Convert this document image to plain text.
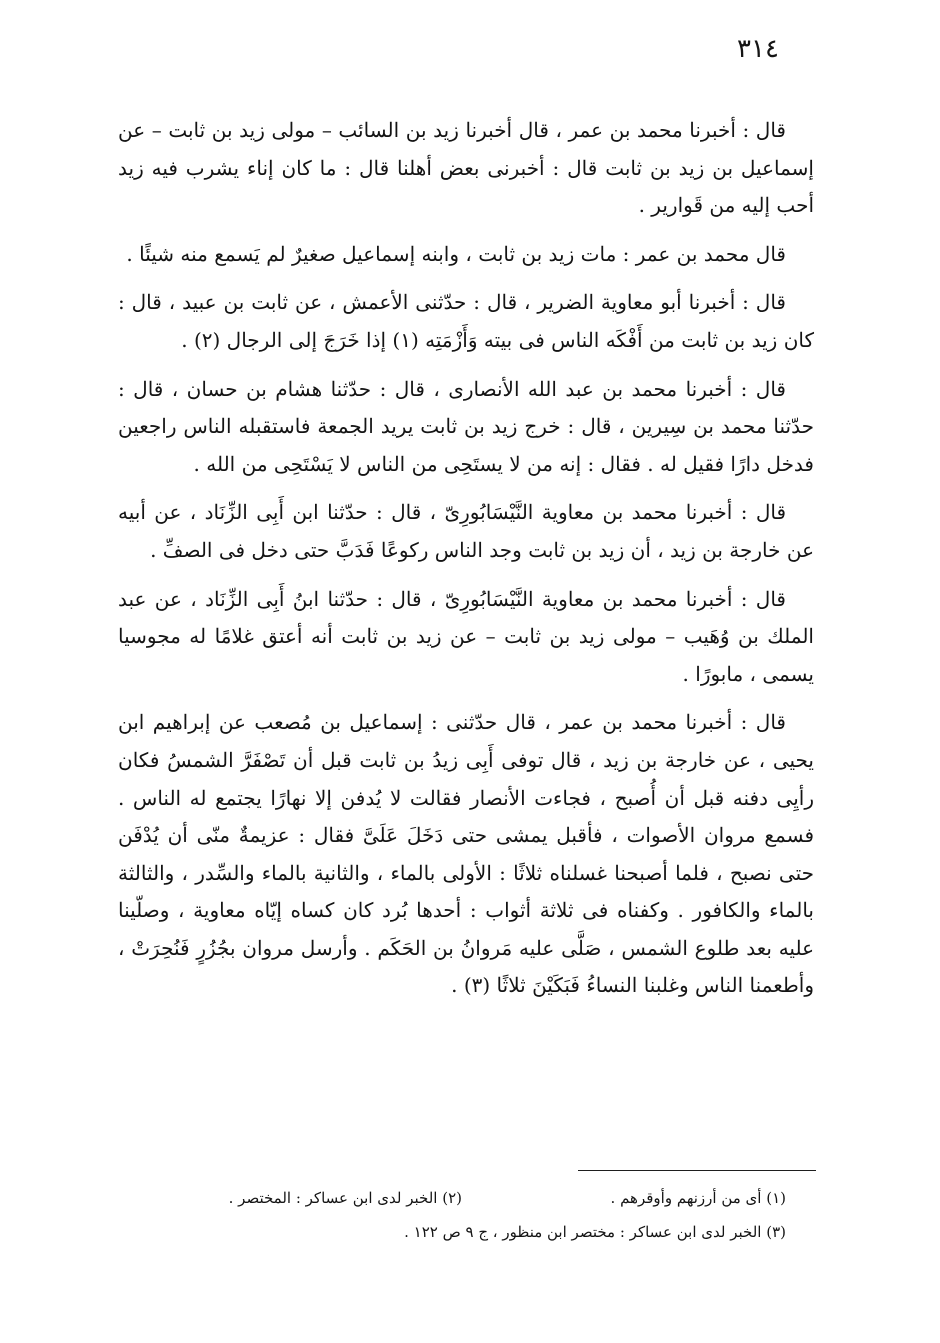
٣١٤

قال : أخبرنا محمد بن عمر ، قال أخبرنا زيد بن السائب – مولى زيد بن ثابت – عن إسماعيل بن زيد بن ثابت قال : أخبرنى بعض أهلنا قال : ما كان إناء يشرب فيه زيد أحب إليه من قَوارير .

قال محمد بن عمر : مات زيد بن ثابت ، وابنه إسماعيل صغيرٌ لم يَسمع منه شيئًا .

قال : أخبرنا أبو معاوية الضرير ، قال : حدّثنى الأعمش ، عن ثابت بن عبيد ، قال : كان زيد بن ثابت من أَفْكَه الناس فى بيته وَأَزْمَتِه (١) إذا خَرَجَ إلى الرجال (٢) .

قال : أخبرنا محمد بن عبد الله الأنصارى ، قال : حدّثنا هشام بن حسان ، قال : حدّثنا محمد بن سِيرين ، قال : خرج زيد بن ثابت يريد الجمعة فاستقبله الناس راجعين فدخل دارًا فقيل له . فقال : إنه من لا يستَحِى من الناس لا يَسْتَحِى من الله .

قال : أخبرنا محمد بن معاوية النَّيْسَابُورِىّ ، قال : حدّثنا ابن أَبِى الزِّنَاد ، عن أبيه عن خارجة بن زيد ، أن زيد بن ثابت وجد الناس ركوعًا فَدَبَّ حتى دخل فى الصفِّ .

قال : أخبرنا محمد بن معاوية النَّيْسَابُورِىّ ، قال : حدّثنا ابنُ أَبِى الزِّنَاد ، عن عبد الملك بن وُهَيب – مولى زيد بن ثابت – عن زيد بن ثابت أنه أعتق غلامًا له مجوسيا يسمى ، مابورًا .

قال : أخبرنا محمد بن عمر ، قال حدّثنى : إسماعيل بن مُصعب عن إبراهيم ابن يحيى ، عن خارجة بن زيد ، قال توفى أَبِى زيدُ بن ثابت قبل أن تَصْفَرَّ الشمسُ فكان رأيِى دفنه قبل أن أُصبح ، فجاءت الأنصار فقالت لا يُدفن إلا نهارًا يجتمع له الناس . فسمع مروان الأصوات ، فأقبل يمشى حتى دَخَلَ عَلَىَّ فقال : عزيمةٌ منّى أن يُدْفَن حتى نصبح ، فلما أصبحنا غسلناه ثلاثًا : الأولى بالماء ، والثانية بالماء والسِّدر ، والثالثة بالماء والكافور . وكفناه فى ثلاثة أثواب : أحدها بُرد كان كساه إيّاه معاوية ، وصلّينا عليه بعد طلوع الشمس ، صَلَّى عليه مَروانُ بن الحَكَم . وأرسل مروان بجُزُرٍ فَنُحِرَتْ ، وأطعمنا الناس وغلبنا النساءُ فَبَكَيْنَ ثلاثًا (٣) .

(١) أى من أرزنهم وأوقرهم .
(٢) الخبر لدى ابن عساكر : المختصر .
(٣) الخبر لدى ابن عساكر : مختصر ابن منظور ، ج ٩ ص ١٢٢ .
